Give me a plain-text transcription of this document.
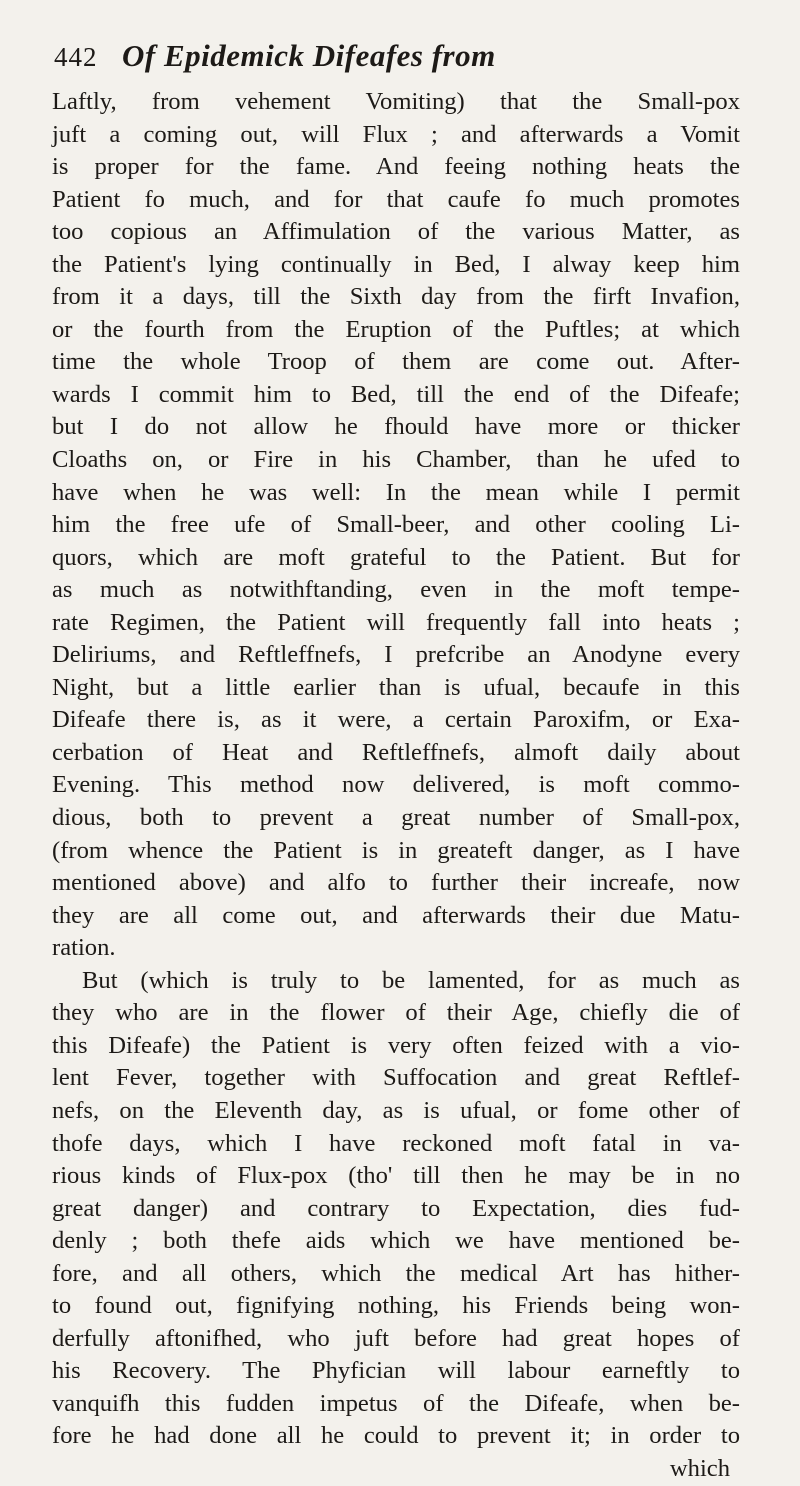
442 Of Epidemick Difeafes from
Laftly, from vehement Vomiting) that the Small-pox
juft a coming out, will Flux ; and afterwards a Vomit
is proper for the fame. And feeing nothing heats the
Patient fo much, and for that caufe fo much promotes
too copious an Affimulation of the various Matter, as
the Patient's lying continually in Bed, I alway keep him
from it a days, till the Sixth day from the firft Invafion,
or the fourth from the Eruption of the Puftles; at which
time the whole Troop of them are come out. After-
wards I commit him to Bed, till the end of the Difeafe;
but I do not allow he fhould have more or thicker
Cloaths on, or Fire in his Chamber, than he ufed to
have when he was well: In the mean while I permit
him the free ufe of Small-beer, and other cooling Li-
quors, which are moft grateful to the Patient. But for
as much as notwithftanding, even in the moft tempe-
rate Regimen, the Patient will frequently fall into heats ;
Deliriums, and Reftleffnefs, I prefcribe an Anodyne every
Night, but a little earlier than is ufual, becaufe in this
Difeafe there is, as it were, a certain Paroxifm, or Exa-
cerbation of Heat and Reftleffnefs, almoft daily about
Evening. This method now delivered, is moft commo-
dious, both to prevent a great number of Small-pox,
(from whence the Patient is in greateft danger, as I have
mentioned above) and alfo to further their increafe, now
they are all come out, and afterwards their due Matu-
ration.
But (which is truly to be lamented, for as much as
they who are in the flower of their Age, chiefly die of
this Difeafe) the Patient is very often feized with a vio-
lent Fever, together with Suffocation and great Reftlef-
nefs, on the Eleventh day, as is ufual, or fome other of
thofe days, which I have reckoned moft fatal in va-
rious kinds of Flux-pox (tho' till then he may be in no
great danger) and contrary to Expectation, dies fud-
denly ; both thefe aids which we have mentioned be-
fore, and all others, which the medical Art has hither-
to found out, fignifying nothing, his Friends being won-
derfully aftonifhed, who juft before had great hopes of
his Recovery. The Phyfician will labour earneftly to
vanquifh this fudden impetus of the Difeafe, when be-
fore he had done all he could to prevent it; in order to
which
